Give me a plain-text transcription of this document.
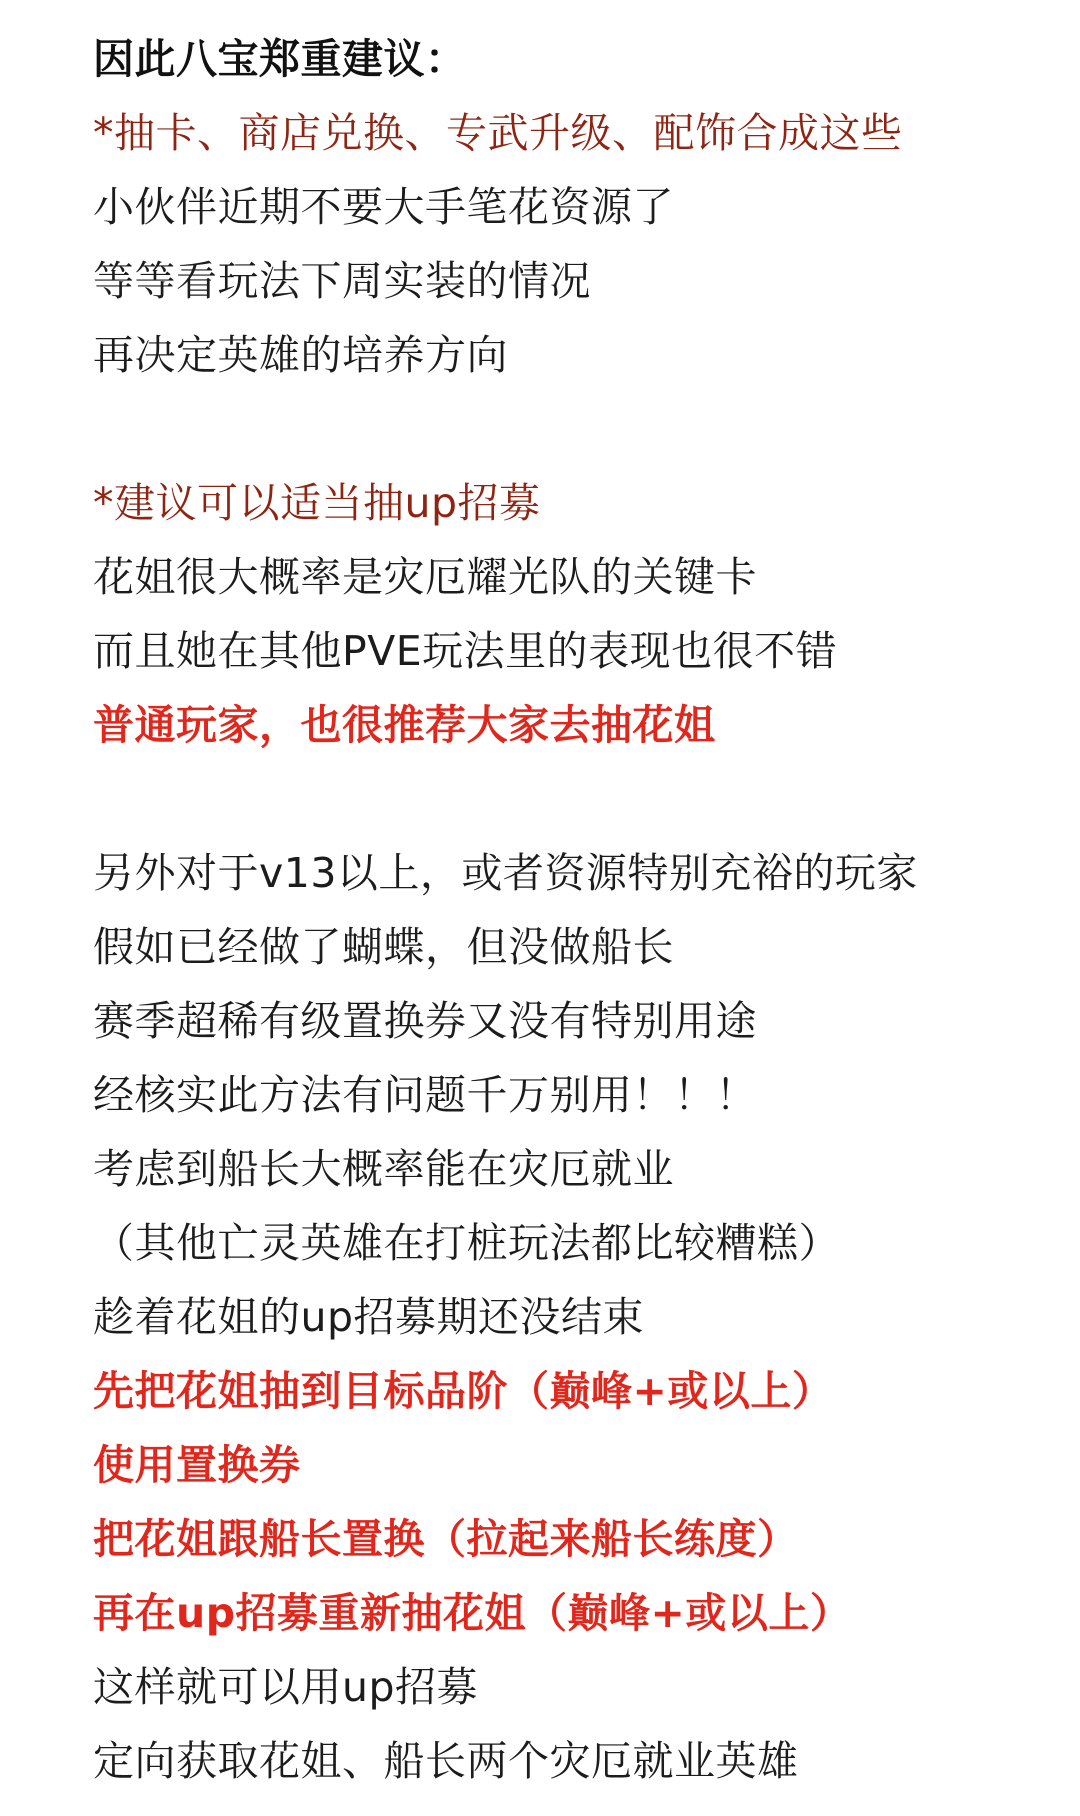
因此八宝郑重建议：
*抽卡、商店兑换、专武升级、配饰合成这些
小伙伴近期不要大手笔花资源了
等等看玩法下周实装的情况
再决定英雄的培养方向
*建议可以适当抽up招募
花姐很大概率是灾厄耀光队的关键卡
而且她在其他PVE玩法里的表现也很不错
普通玩家，也很推荐大家去抽花姐
另外对于v13以上，或者资源特别充裕的玩家
假如已经做了蝴蝶，但没做船长
赛季超稀有级置换券又没有特别用途
经核实此方法有问题千万别用！！！
考虑到船长大概率能在灾厄就业
（其他亡灵英雄在打桩玩法都比较糟糕）
趁着花姐的up招募期还没结束
先把花姐抽到目标品阶（巅峰+或以上）
使用置换券
把花姐跟船长置换（拉起来船长练度）
再在up招募重新抽花姐（巅峰+或以上）
这样就可以用up招募
定向获取花姐、船长两个灾厄就业英雄
